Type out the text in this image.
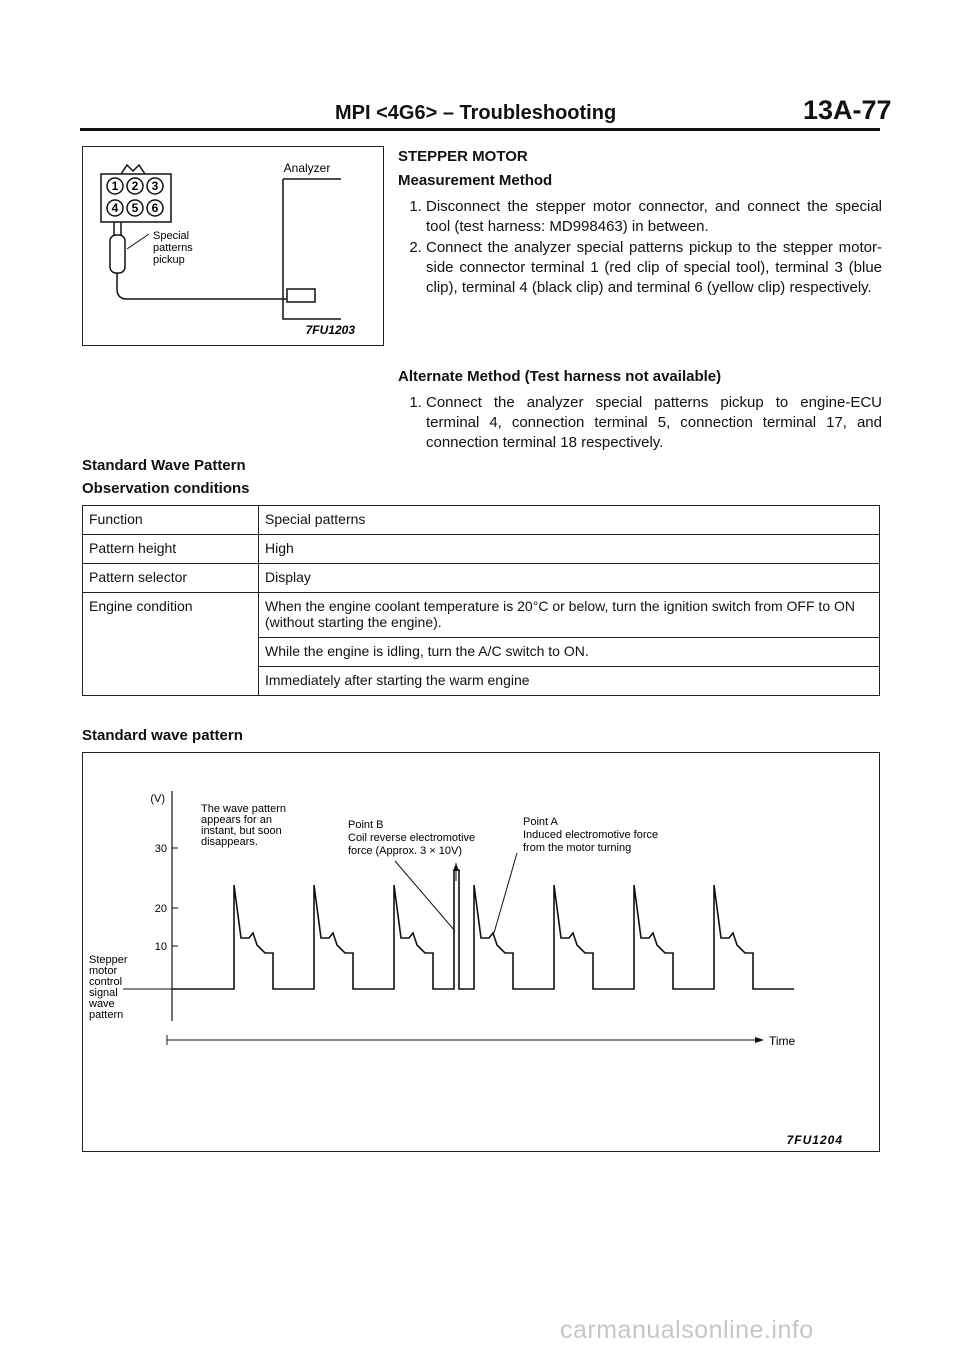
MPI <4G6> – Troubleshooting	13A-77
1 2 3
4 5 6
Analyzer
Special patterns pickup
7FU1203
STEPPER MOTOR
Measurement Method
1. Disconnect the stepper motor connector, and connect the special tool (test harness: MD998463) in between.
2. Connect the analyzer special patterns pickup to the stepper motor-side connector terminal 1 (red clip of special tool), terminal 3 (blue clip), terminal 4 (black clip) and terminal 6 (yellow clip) respectively.
Alternate Method (Test harness not available)
1. Connect the analyzer special patterns pickup to engine-ECU terminal 4, connection terminal 5, connection terminal 17, and connection terminal 18 respectively.
Standard Wave Pattern
Observation conditions
Function	Special patterns
Pattern height	High
Pattern selector	Display
Engine condition	When the engine coolant temperature is 20°C or below, turn the ignition switch from OFF to ON (without starting the engine).
	While the engine is idling, turn the A/C switch to ON.
	Immediately after starting the warm engine
Standard wave pattern
(V)
30
20
10
Stepper motor control signal wave pattern
The wave pattern appears for an instant, but soon disappears.
Point B Coil reverse electromotive force (Approx. 3 × 10V)
Point A Induced electromotive force from the motor turning
Time
7FU1204
carmanualsonline.info
